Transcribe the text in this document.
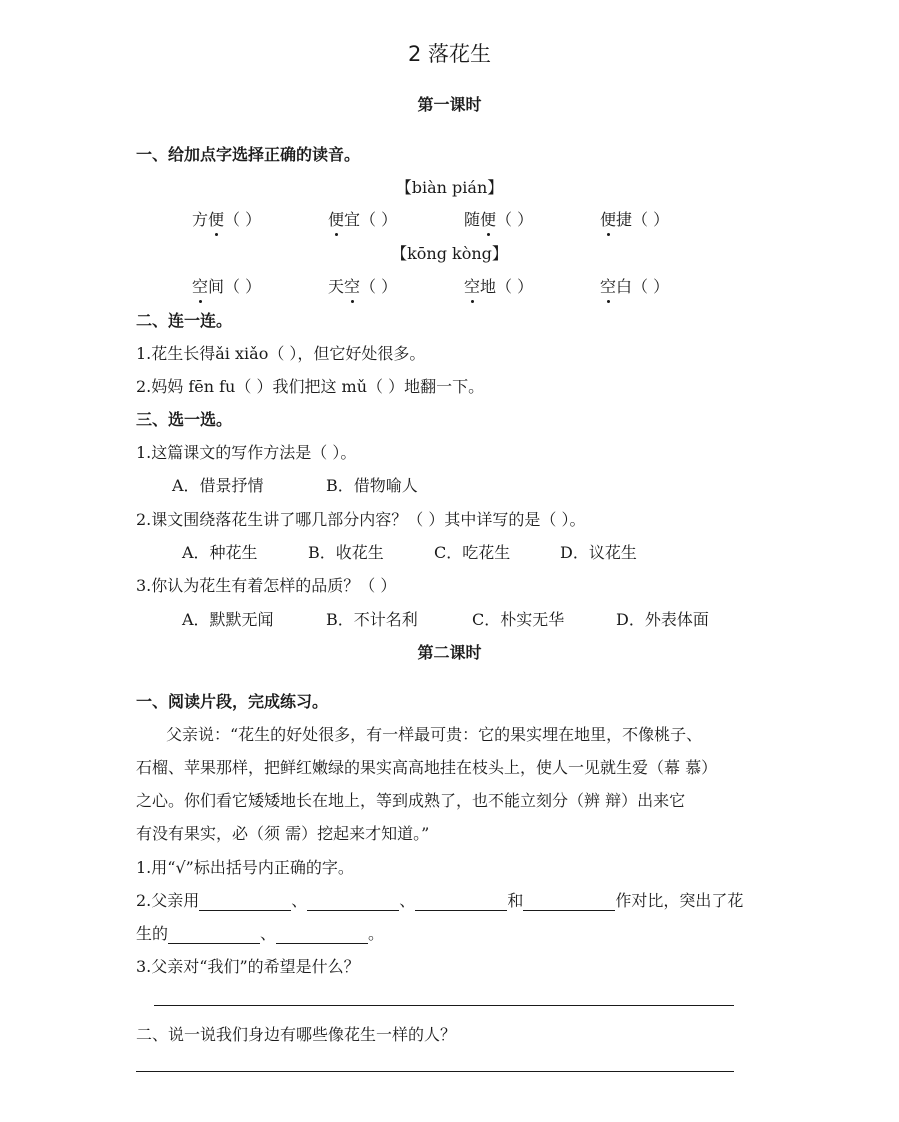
2 落花生
第一课时
一、给加点字选择正确的读音。
【biàn pián】
方便（ ）	便宜（ ）	随便（ ）	便捷（ ）
【kōng kòng】
空间（ ）	天空（ ）	空地（ ）	空白（ ）
二、连一连。
1.花生长得ǎi xiǎo（ ），但它好处很多。
2.妈妈 fēn fu（ ）我们把这 mǔ（ ）地翻一下。
三、选一选。
1.这篇课文的写作方法是（ ）。
A．借景抒情	B．借物喻人
2.课文围绕落花生讲了哪几部分内容？（ ）其中详写的是（ ）。
A．种花生	B．收花生	C．吃花生	D．议花生
3.你认为花生有着怎样的品质？（ ）
A．默默无闻	B．不计名利	C．朴实无华	D．外表体面
第二课时
一、阅读片段，完成练习。
父亲说：“花生的好处很多，有一样最可贵：它的果实埋在地里，不像桃子、
石榴、苹果那样，把鲜红嫩绿的果实高高地挂在枝头上，使人一见就生爱（幕 慕）
之心。你们看它矮矮地长在地上，等到成熟了，也不能立刻分（辨 辩）出来它
有没有果实，必（须 需）挖起来才知道。”
1.用“√”标出括号内正确的字。
2.父亲用	、	、	和	作对比，突出了花
生的	、	。
3.父亲对“我们”的希望是什么？
二、说一说我们身边有哪些像花生一样的人？
